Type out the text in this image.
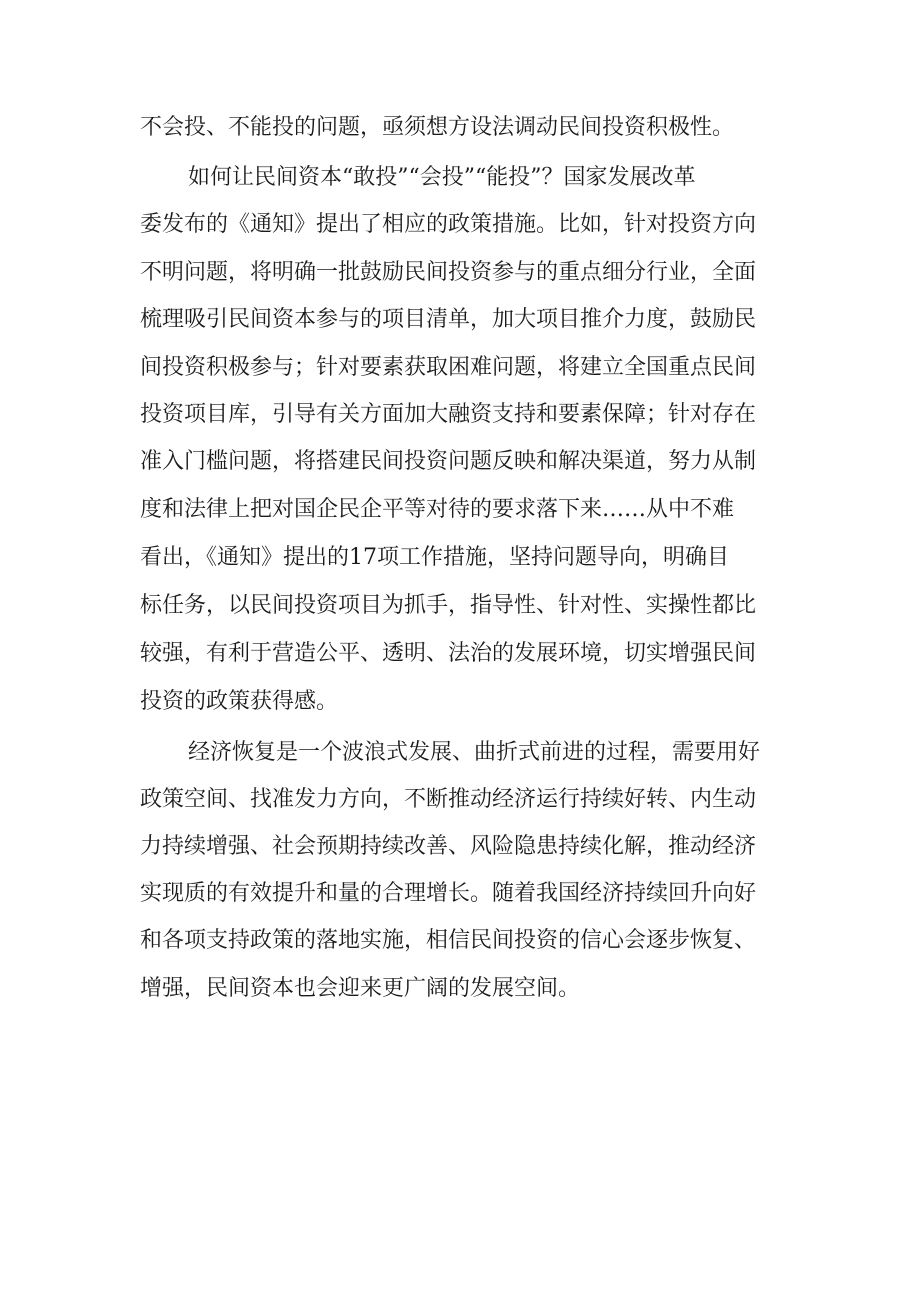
不会投、不能投的问题，亟须想方设法调动民间投资积极性。
如何让民间资本“敢投”“会投”“能投”？国家发展改革
委发布的《通知》提出了相应的政策措施。比如，针对投资方向
不明问题，将明确一批鼓励民间投资参与的重点细分行业，全面
梳理吸引民间资本参与的项目清单，加大项目推介力度，鼓励民
间投资积极参与；针对要素获取困难问题，将建立全国重点民间
投资项目库，引导有关方面加大融资支持和要素保障；针对存在
准入门槛问题，将搭建民间投资问题反映和解决渠道，努力从制
度和法律上把对国企民企平等对待的要求落下来……从中不难
看出，《通知》提出的17项工作措施，坚持问题导向，明确目
标任务，以民间投资项目为抓手，指导性、针对性、实操性都比
较强，有利于营造公平、透明、法治的发展环境，切实增强民间
投资的政策获得感。
经济恢复是一个波浪式发展、曲折式前进的过程，需要用好
政策空间、找准发力方向，不断推动经济运行持续好转、内生动
力持续增强、社会预期持续改善、风险隐患持续化解，推动经济
实现质的有效提升和量的合理增长。随着我国经济持续回升向好
和各项支持政策的落地实施，相信民间投资的信心会逐步恢复、
增强，民间资本也会迎来更广阔的发展空间。
